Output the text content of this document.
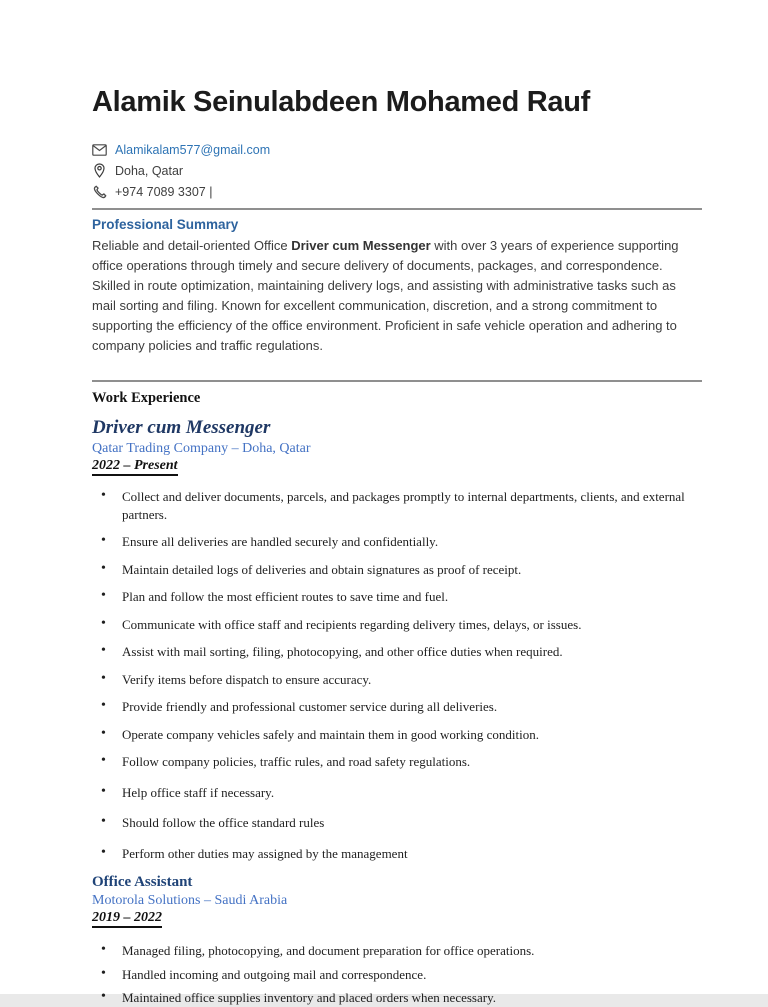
Alamik Seinulabdeen Mohamed Rauf
Alamikalam577@gmail.com
Doha, Qatar
+974 7089 3307 |
Professional Summary

Reliable and detail-oriented Office Driver cum Messenger with over 3 years of experience supporting office operations through timely and secure delivery of documents, packages, and correspondence. Skilled in route optimization, maintaining delivery logs, and assisting with administrative tasks such as mail sorting and filing. Known for excellent communication, discretion, and a strong commitment to supporting the efficiency of the office environment. Proficient in safe vehicle operation and adhering to company policies and traffic regulations.

Work Experience
Driver cum Messenger
Qatar Trading Company – Doha, Qatar
2022 – Present
• Collect and deliver documents, parcels, and packages promptly to internal departments, clients, and external partners.
• Ensure all deliveries are handled securely and confidentially.
• Maintain detailed logs of deliveries and obtain signatures as proof of receipt.
• Plan and follow the most efficient routes to save time and fuel.
• Communicate with office staff and recipients regarding delivery times, delays, or issues.
• Assist with mail sorting, filing, photocopying, and other office duties when required.
• Verify items before dispatch to ensure accuracy.
• Provide friendly and professional customer service during all deliveries.
• Operate company vehicles safely and maintain them in good working condition.
• Follow company policies, traffic rules, and road safety regulations.
• Help office staff if necessary.
• Should follow the office standard rules
• Perform other duties may assigned by the management
Office Assistant
Motorola Solutions – Saudi Arabia
2019 – 2022
• Managed filing, photocopying, and document preparation for office operations.
• Handled incoming and outgoing mail and correspondence.
• Maintained office supplies inventory and placed orders when necessary.
